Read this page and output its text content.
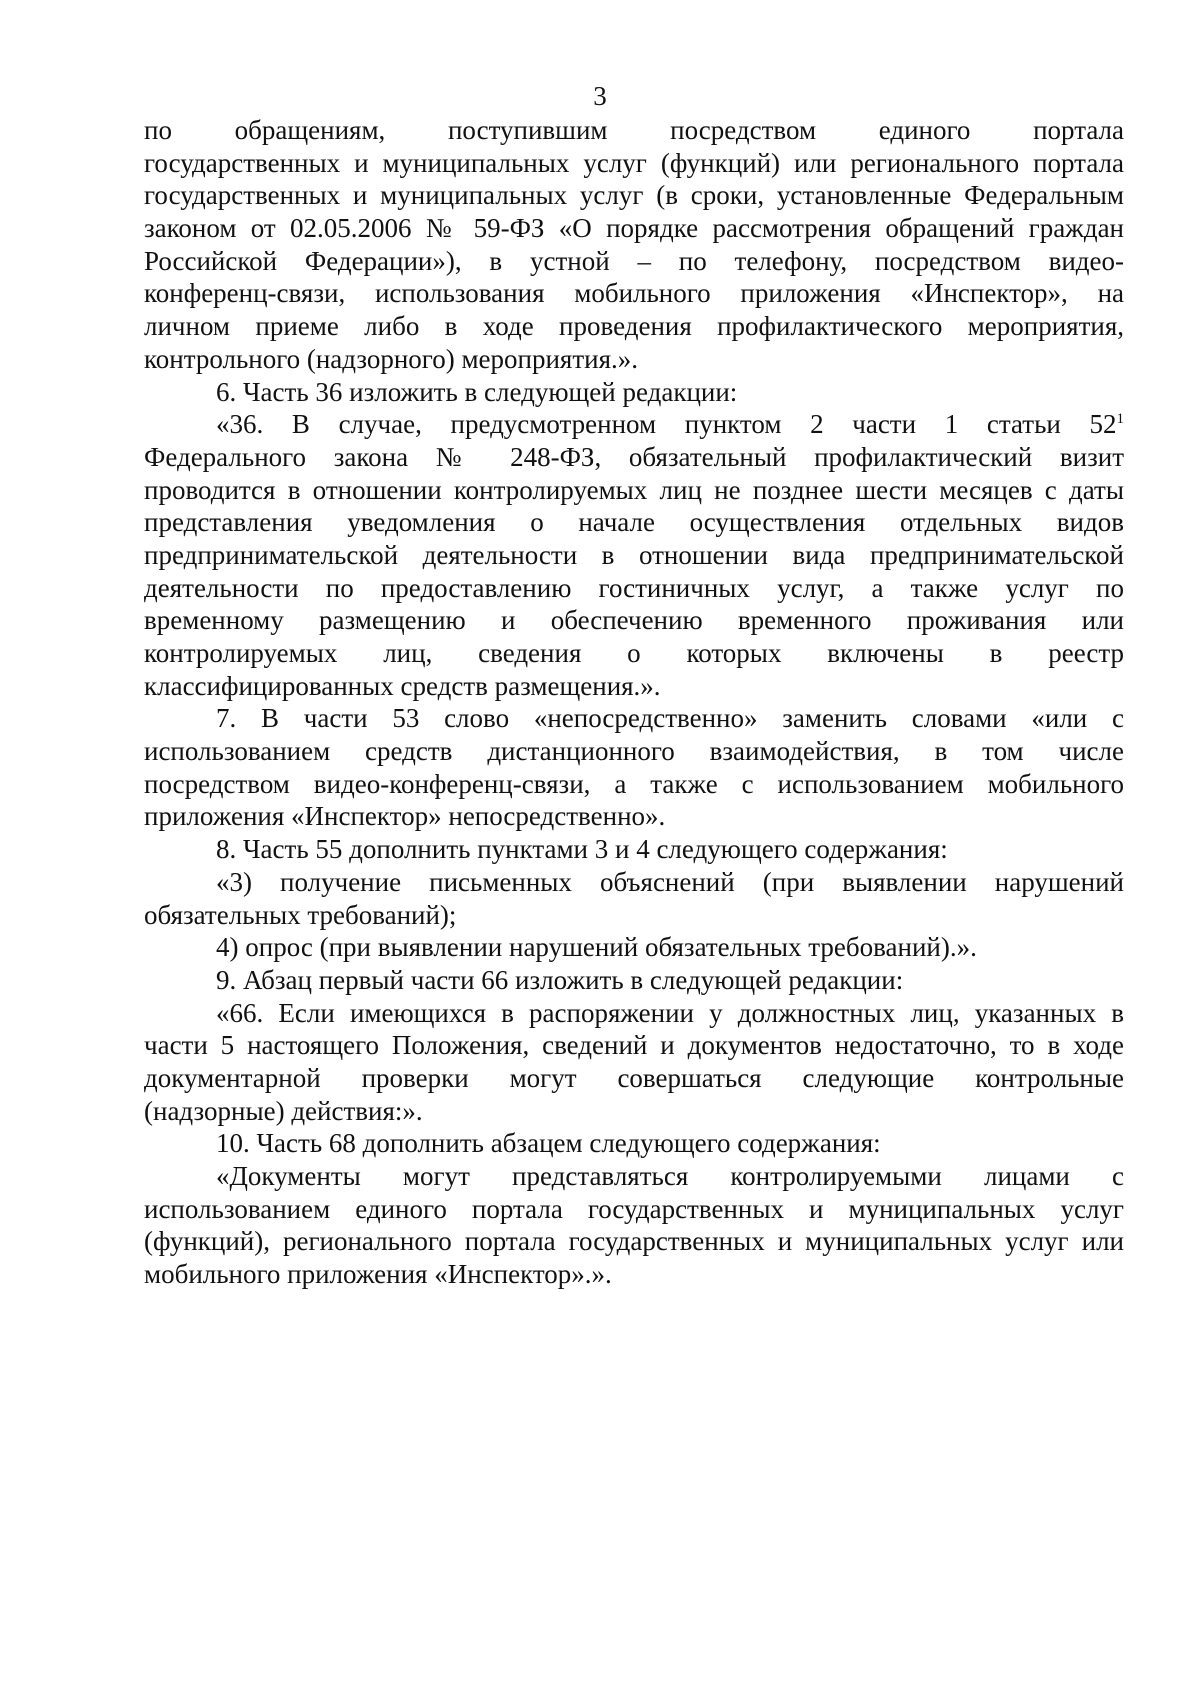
3
по обращениям, поступившим посредством единого портала
государственных и муниципальных услуг (функций) или регионального портала
государственных и муниципальных услуг (в сроки, установленные Федеральным
законом от 02.05.2006 № 59-ФЗ «О порядке рассмотрения обращений граждан
Российской Федерации»), в устной – по телефону, посредством видео-
конференц-связи, использования мобильного приложения «Инспектор», на
личном приеме либо в ходе проведения профилактического мероприятия,
контрольного (надзорного) мероприятия.».
6. Часть 36 изложить в следующей редакции:
«36. В случае, предусмотренном пунктом 2 части 1 статьи $52^1$
Федерального закона № 248-ФЗ, обязательный профилактический визит
проводится в отношении контролируемых лиц не позднее шести месяцев с даты
представления уведомления о начале осуществления отдельных видов
предпринимательской деятельности в отношении вида предпринимательской
деятельности по предоставлению гостиничных услуг, а также услуг по
временному размещению и обеспечению временного проживания или
контролируемых лиц, сведения о которых включены в реестр
классифицированных средств размещения.».
7. В части 53 слово «непосредственно» заменить словами «или с
использованием средств дистанционного взаимодействия, в том числе
посредством видео-конференц-связи, а также с использованием мобильного
приложения «Инспектор» непосредственно».
8. Часть 55 дополнить пунктами 3 и 4 следующего содержания:
«3) получение письменных объяснений (при выявлении нарушений
обязательных требований);
4) опрос (при выявлении нарушений обязательных требований).».
9. Абзац первый части 66 изложить в следующей редакции:
«66. Если имеющихся в распоряжении у должностных лиц, указанных в
части 5 настоящего Положения, сведений и документов недостаточно, то в ходе
документарной проверки могут совершаться следующие контрольные
(надзорные) действия:».
10. Часть 68 дополнить абзацем следующего содержания:
«Документы могут представляться контролируемыми лицами с
использованием единого портала государственных и муниципальных услуг
(функций), регионального портала государственных и муниципальных услуг или
мобильного приложения «Инспектор».».
